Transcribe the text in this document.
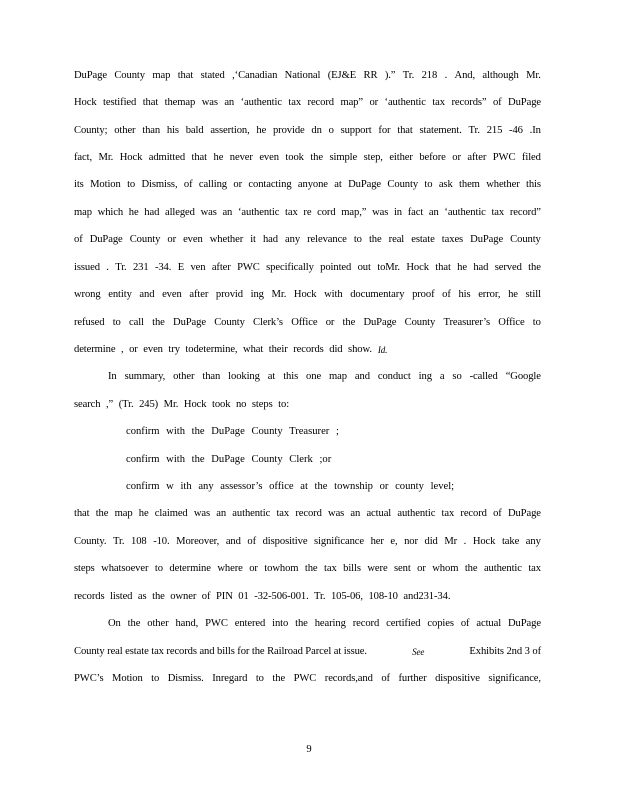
DuPage County map that stated ,‘Canadian National (EJ&E RR ).” Tr. 218 . And, although Mr.
Hock testified that themap was an ‘authentic tax record map” or ‘authentic tax records” of DuPage
County; other than his bald assertion, he provide dn o support for that statement. Tr. 215 -46 .In
fact, Mr. Hock admitted that he never even took the simple step, either before or after PWC filed
its Motion to Dismiss, of calling or contacting anyone at DuPage County to ask them whether this
map which he had alleged was an ‘authentic tax re cord map,” was in fact an ‘authentic tax record”
of DuPage County or even whether it had any relevance to the real estate taxes DuPage County
issued . Tr. 231 -34. E ven after PWC specifically pointed out toMr. Hock that he had served the
wrong entity and even after provid ing Mr. Hock with documentary proof of his error, he still
refused to call the DuPage County Clerk’s Office or the DuPage County Treasurer’s Office to
determine , or even try todetermine, what their records did show. Id.
In summary, other than looking at this one map and conduct ing a so -called “Google
search ,” (Tr. 245) Mr. Hock took no steps to:
confirm with the DuPage County Treasurer ;
confirm with the DuPage County Clerk ;or
confirm w ith any assessor’s office at the township or county level;
that the map he claimed was an authentic tax record was an actual authentic tax record of DuPage
County. Tr. 108 -10. Moreover, and of dispositive significance her e, nor did Mr . Hock take any
steps whatsoever to determine where or towhom the tax bills were sent or whom the authentic tax
records listed as the owner of PIN 01 -32-506-001. Tr. 105-06, 108-10 and231-34.
On the other hand, PWC entered into the hearing record certified copies of actual DuPage
County real estate tax records and bills for the Railroad Parcel at issue.	See	Exhibits 2nd 3 of
PWC’s Motion to Dismiss. Inregard to the PWC records,and of further dispositive significance,
9
